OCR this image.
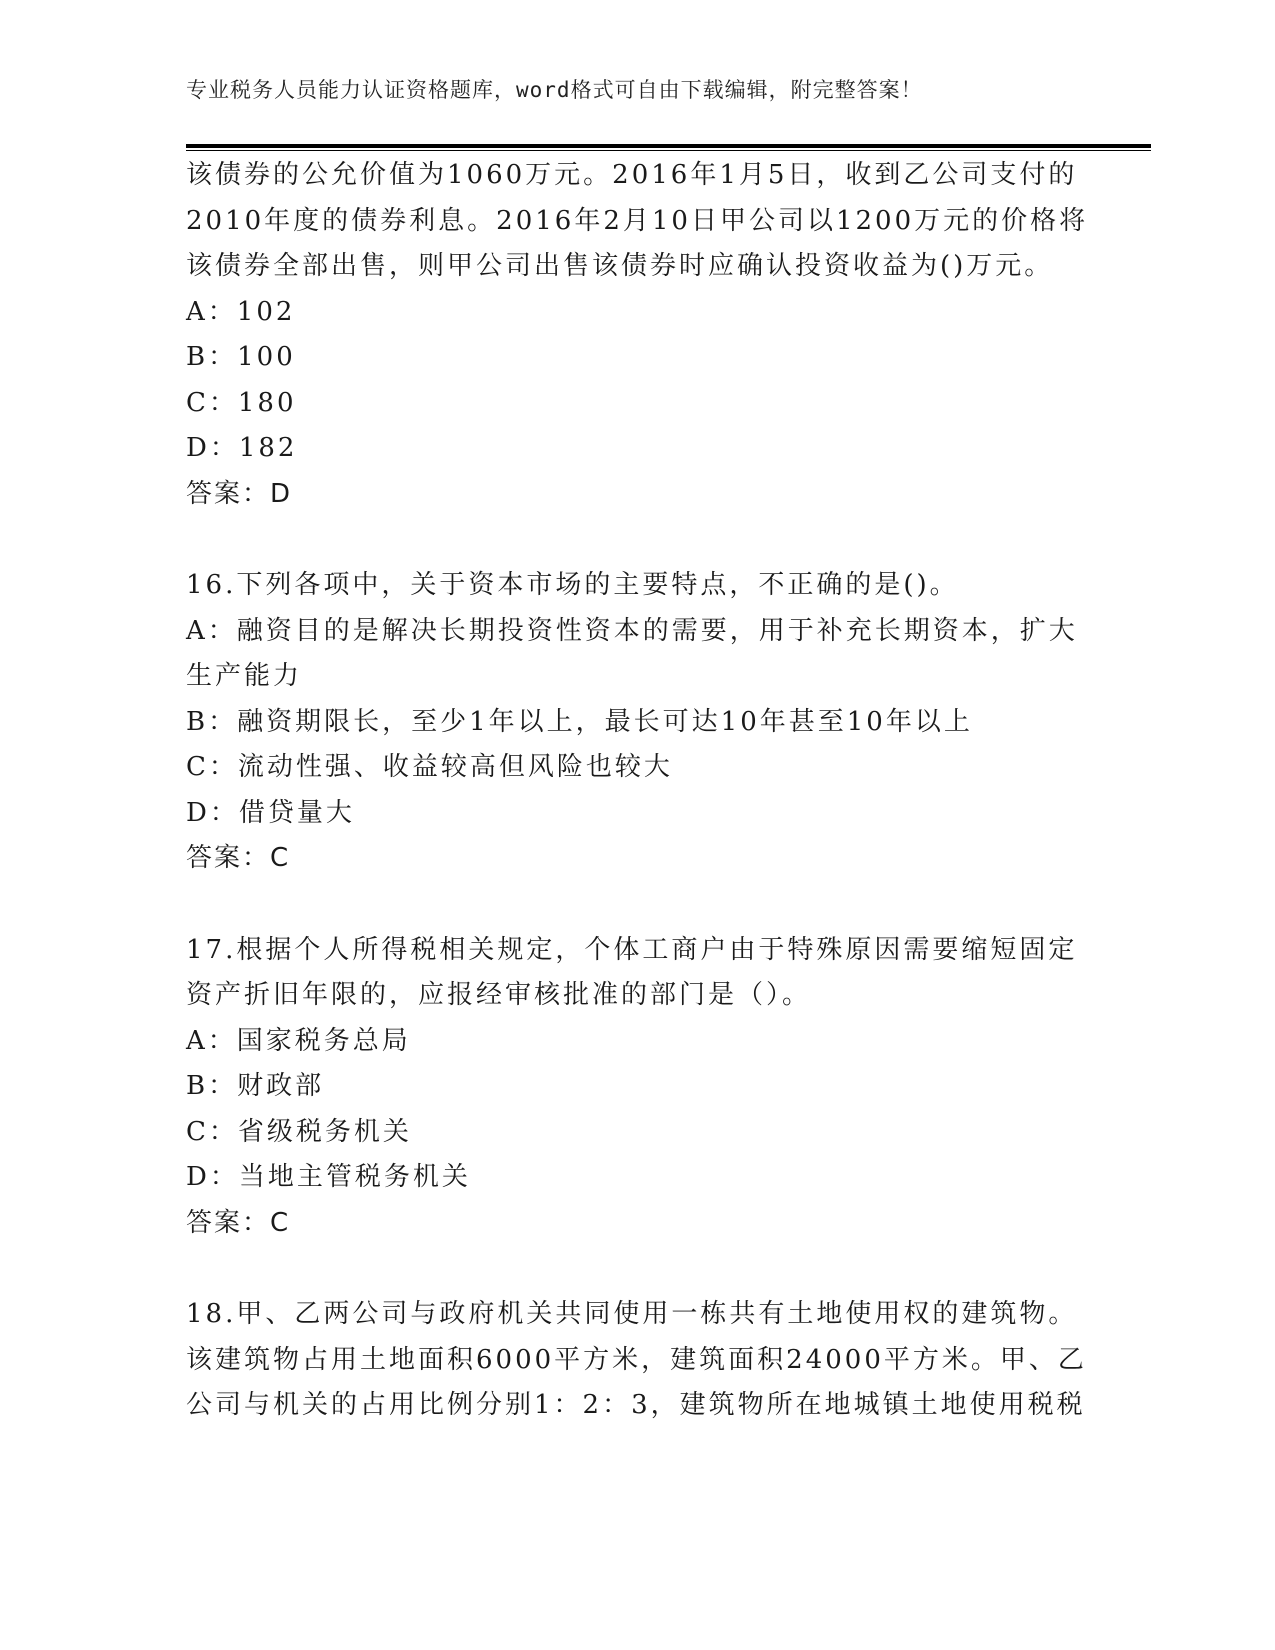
专业税务人员能力认证资格题库，word格式可自由下载编辑，附完整答案！
该债券的公允价值为1060万元。2016年1月5日，收到乙公司支付的
2010年度的债券利息。2016年2月10日甲公司以1200万元的价格将
该债券全部出售，则甲公司出售该债券时应确认投资收益为()万元。
A：102
B：100
C：180
D：182
答案：D
16.下列各项中，关于资本市场的主要特点，不正确的是()。
A：融资目的是解决长期投资性资本的需要，用于补充长期资本，扩大
生产能力
B：融资期限长，至少1年以上，最长可达10年甚至10年以上
C：流动性强、收益较高但风险也较大
D：借贷量大
答案：C
17.根据个人所得税相关规定，个体工商户由于特殊原因需要缩短固定
资产折旧年限的，应报经审核批准的部门是（）。
A：国家税务总局
B：财政部
C：省级税务机关
D：当地主管税务机关
答案：C
18.甲、乙两公司与政府机关共同使用一栋共有土地使用权的建筑物。
该建筑物占用土地面积6000平方米，建筑面积24000平方米。甲、乙
公司与机关的占用比例分别1：2：3，建筑物所在地城镇土地使用税税
